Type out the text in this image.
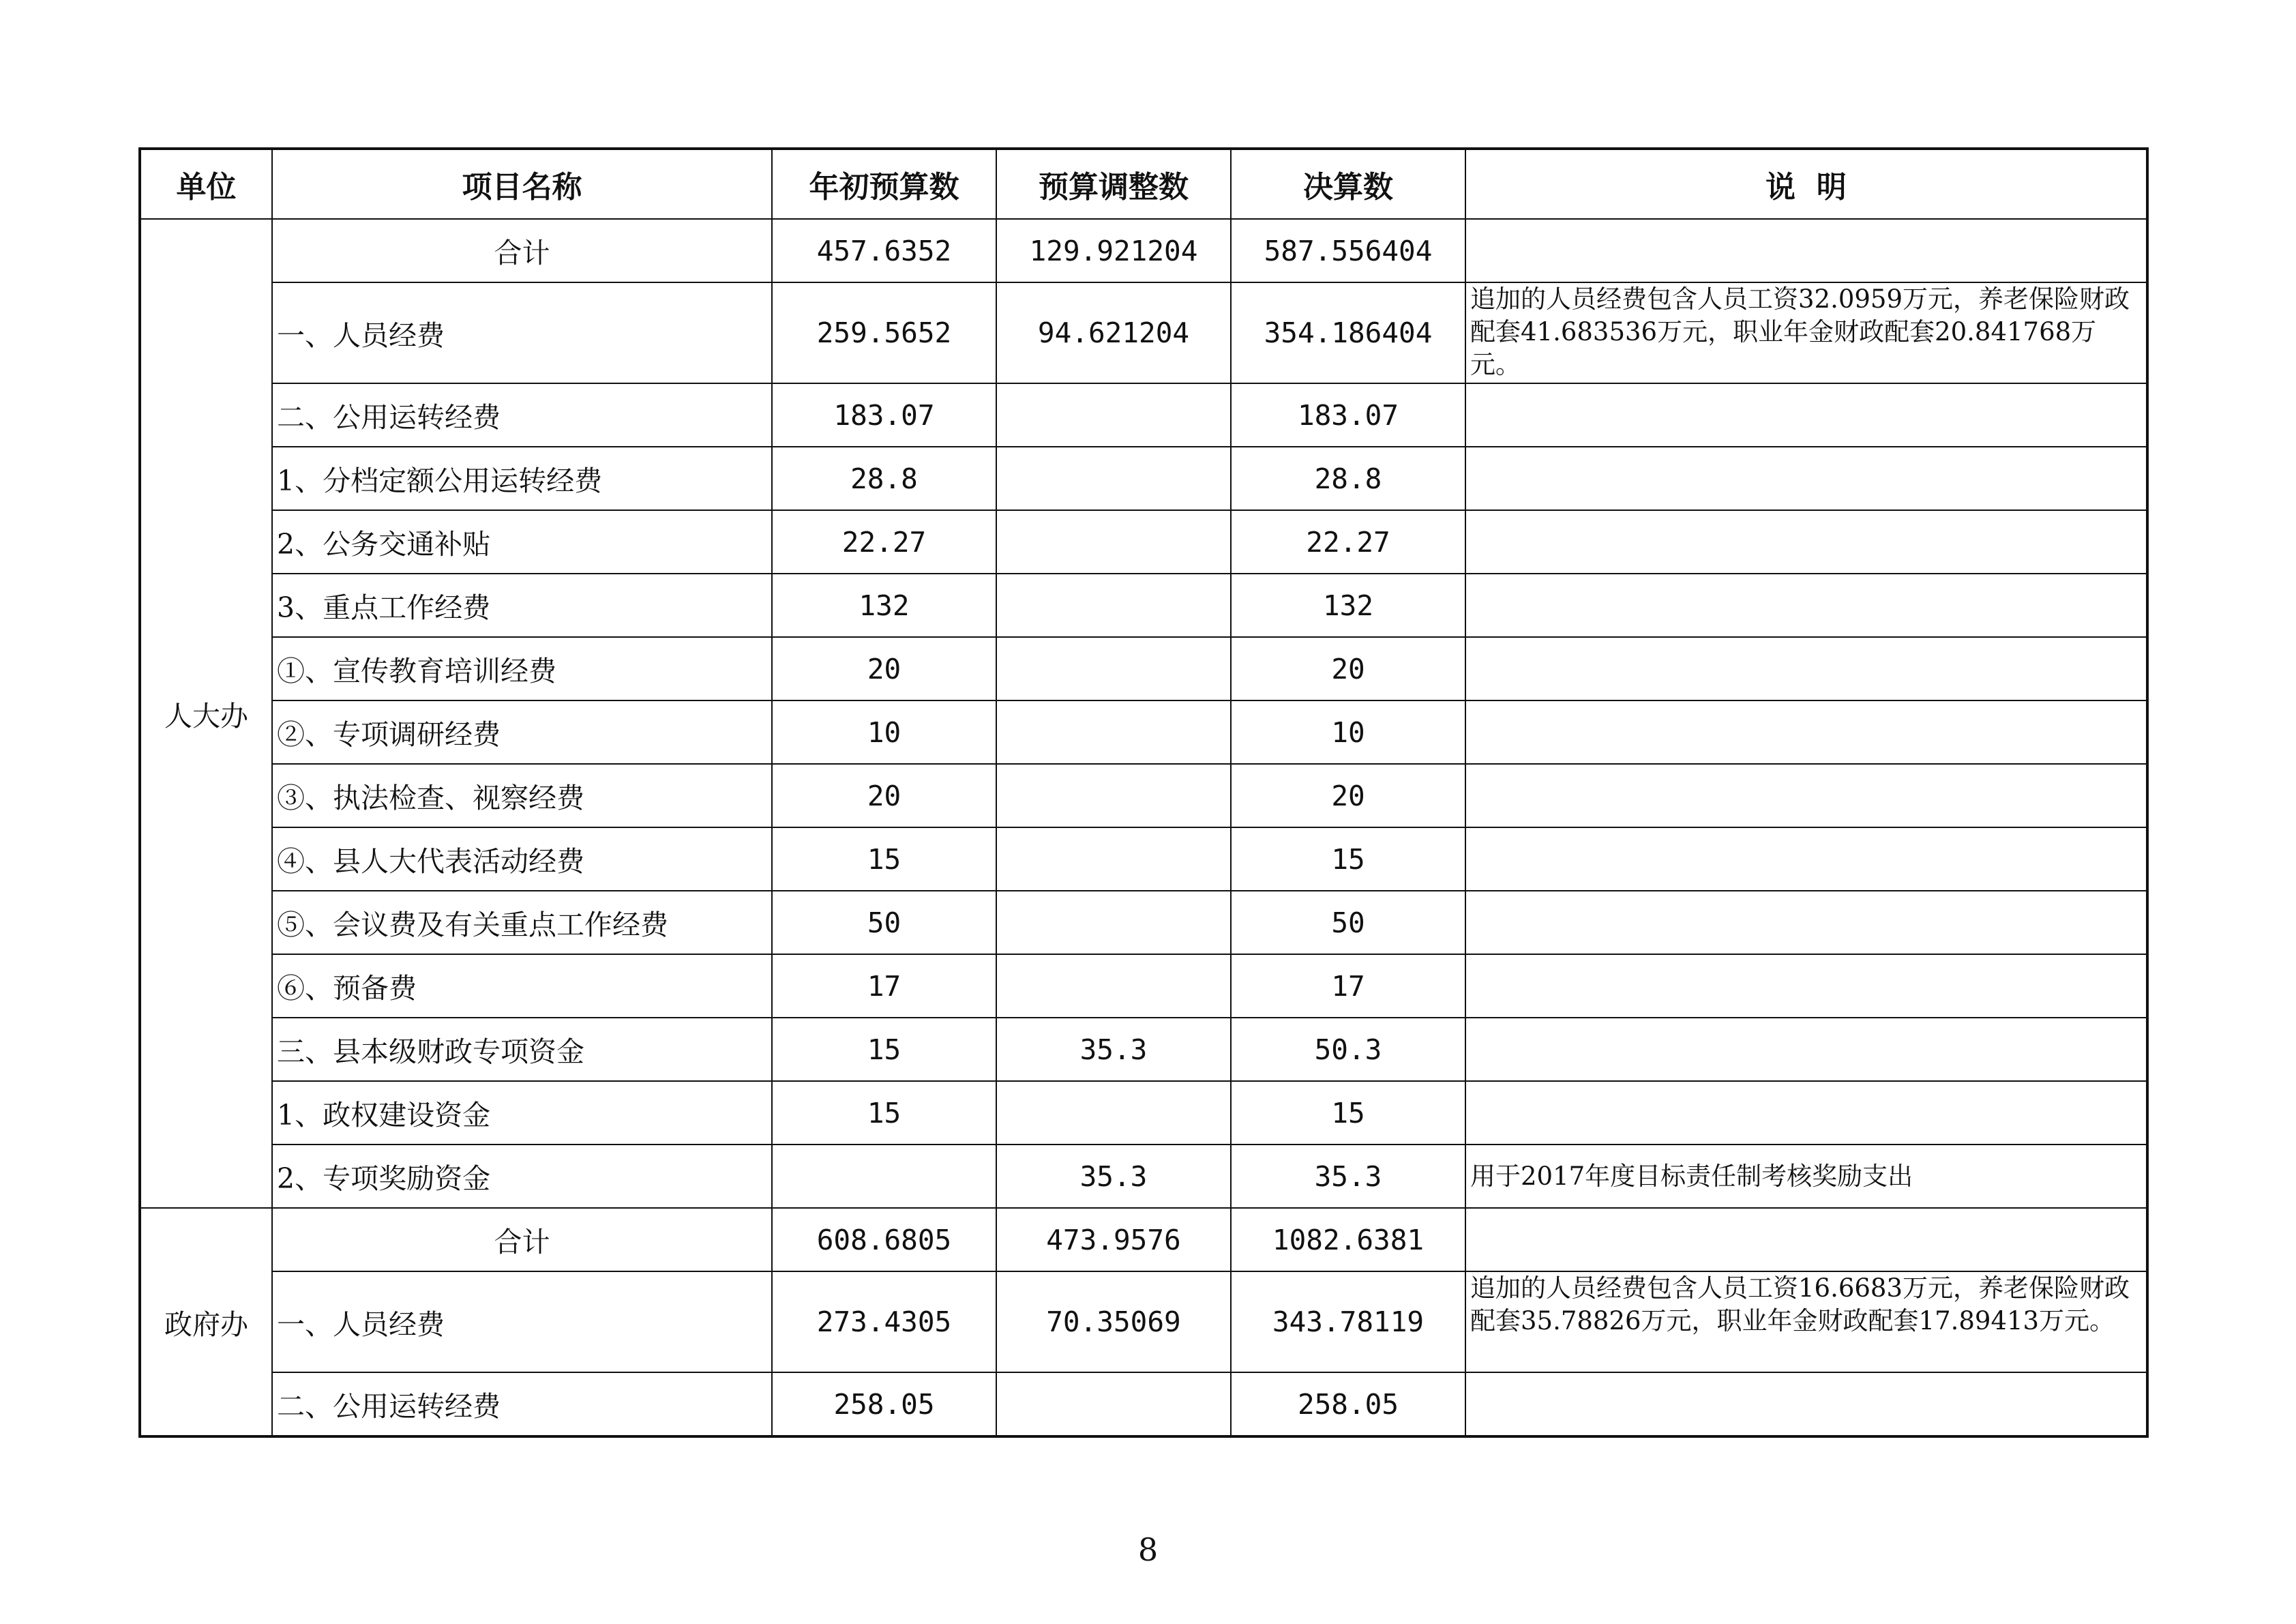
单位	项目名称	年初预算数	预算调整数	决算数	说  明
人大办	合计	457.6352	129.921204	587.556404	
	一、人员经费	259.5652	94.621204	354.186404	追加的人员经费包含人员工资32.0959万元，养老保险财政配套41.683536万元，职业年金财政配套20.841768万元。
	二、公用运转经费	183.07		183.07	
	1、分档定额公用运转经费	28.8		28.8	
	2、公务交通补贴	22.27		22.27	
	3、重点工作经费	132		132	
	①、宣传教育培训经费	20		20	
	②、专项调研经费	10		10	
	③、执法检查、视察经费	20		20	
	④、县人大代表活动经费	15		15	
	⑤、会议费及有关重点工作经费	50		50	
	⑥、预备费	17		17	
	三、县本级财政专项资金	15	35.3	50.3	
	1、政权建设资金	15		15	
	2、专项奖励资金		35.3	35.3	用于2017年度目标责任制考核奖励支出
政府办	合计	608.6805	473.9576	1082.6381	
	一、人员经费	273.4305	70.35069	343.78119	追加的人员经费包含人员工资16.6683万元，养老保险财政配套35.78826万元，职业年金财政配套17.89413万元。
	二、公用运转经费	258.05		258.05	
8
